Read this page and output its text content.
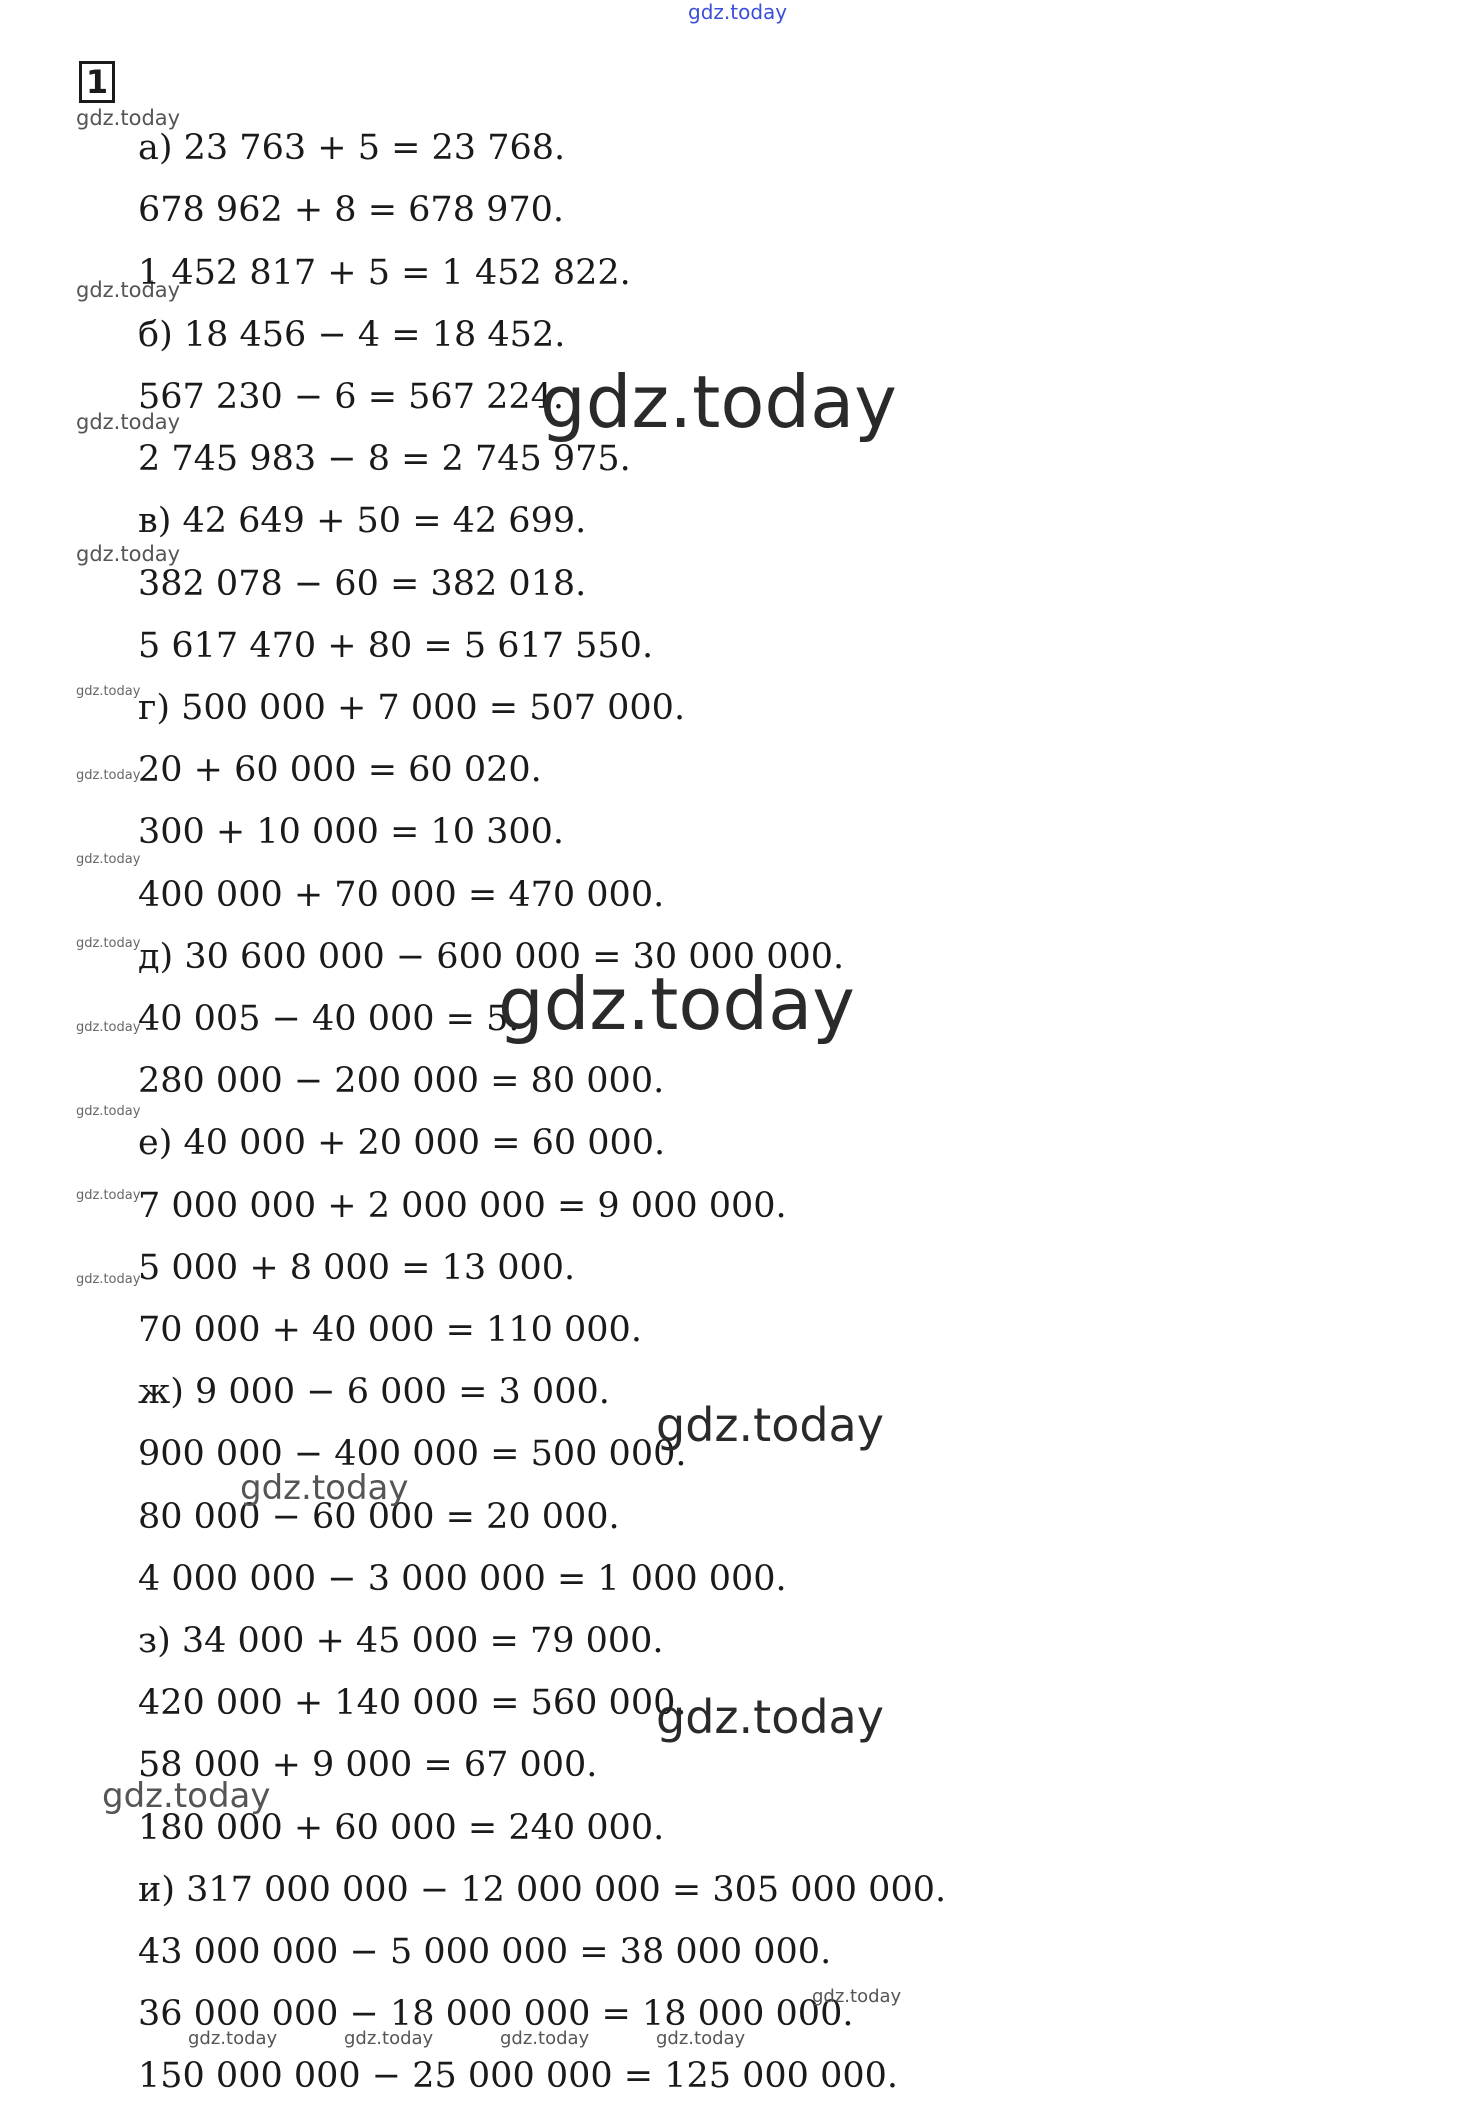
gdz.today
1
gdz.today
gdz.today
gdz.today
gdz.today
gdz.today
gdz.today
gdz.today
gdz.today
gdz.today
gdz.today
gdz.today
gdz.today
а) 23 763 + 5 = 23 768.
678 962 + 8 = 678 970.
1 452 817 + 5 = 1 452 822.
б) 18 456 − 4 = 18 452.
567 230 − 6 = 567 224.
2 745 983 − 8 = 2 745 975.
в) 42 649 + 50 = 42 699.
382 078 − 60 = 382 018.
5 617 470 + 80 = 5 617 550.
г) 500 000 + 7 000 = 507 000.
20 + 60 000 = 60 020.
300 + 10 000 = 10 300.
400 000 + 70 000 = 470 000.
д) 30 600 000 − 600 000 = 30 000 000.
40 005 − 40 000 = 5.
280 000 − 200 000 = 80 000.
е) 40 000 + 20 000 = 60 000.
7 000 000 + 2 000 000 = 9 000 000.
5 000 + 8 000 = 13 000.
70 000 + 40 000 = 110 000.
ж) 9 000 − 6 000 = 3 000.
900 000 − 400 000 = 500 000.
80 000 − 60 000 = 20 000.
4 000 000 − 3 000 000 = 1 000 000.
з) 34 000 + 45 000 = 79 000.
420 000 + 140 000 = 560 000.
58 000 + 9 000 = 67 000.
180 000 + 60 000 = 240 000.
и) 317 000 000 − 12 000 000 = 305 000 000.
43 000 000 − 5 000 000 = 38 000 000.
36 000 000 − 18 000 000 = 18 000 000.
150 000 000 − 25 000 000 = 125 000 000.
gdz.today
gdz.today
gdz.today
gdz.today
gdz.today
gdz.today
gdz.today
gdz.today	gdz.today	gdz.today	gdz.today
